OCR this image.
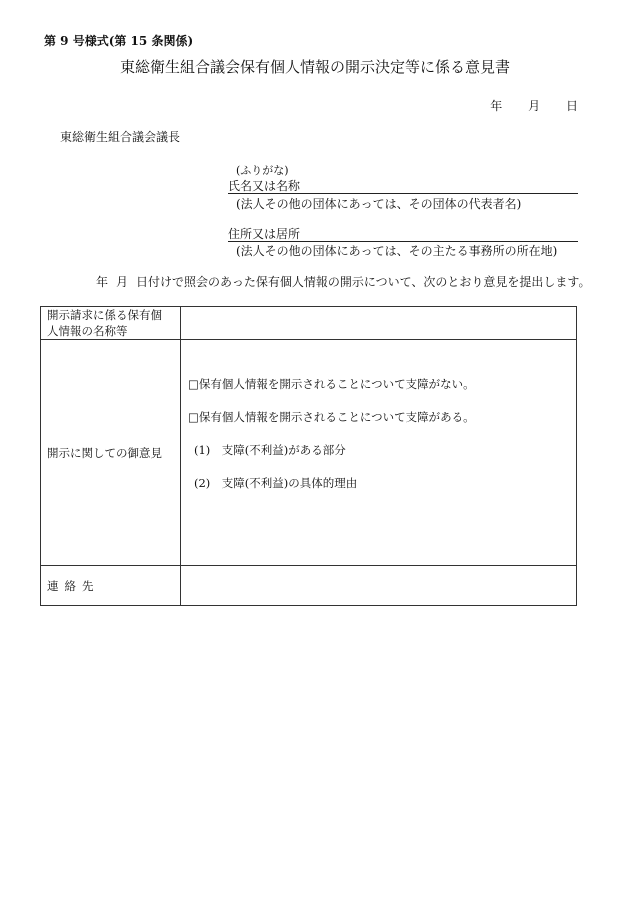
第 9 号様式(第 15 条関係)
東総衛生組合議会保有個人情報の開示決定等に係る意見書
年 月 日
東総衛生組合議会議長
(ふりがな)
氏名又は名称
(法人その他の団体にあっては、その団体の代表者名)
住所又は居所
(法人その他の団体にあっては、その主たる事務所の所在地)
年 月 日付けで照会のあった保有個人情報の開示について、次のとおり意見を提出します。
開示請求に係る保有個
人情報の名称等	

開示に関しての御意見	□保有個人情報を開示されることについて支障がない。
□保有個人情報を開示されることについて支障がある。
(1)　支障(不利益)がある部分
(2)　支障(不利益)の具体的理由

連 絡 先	
